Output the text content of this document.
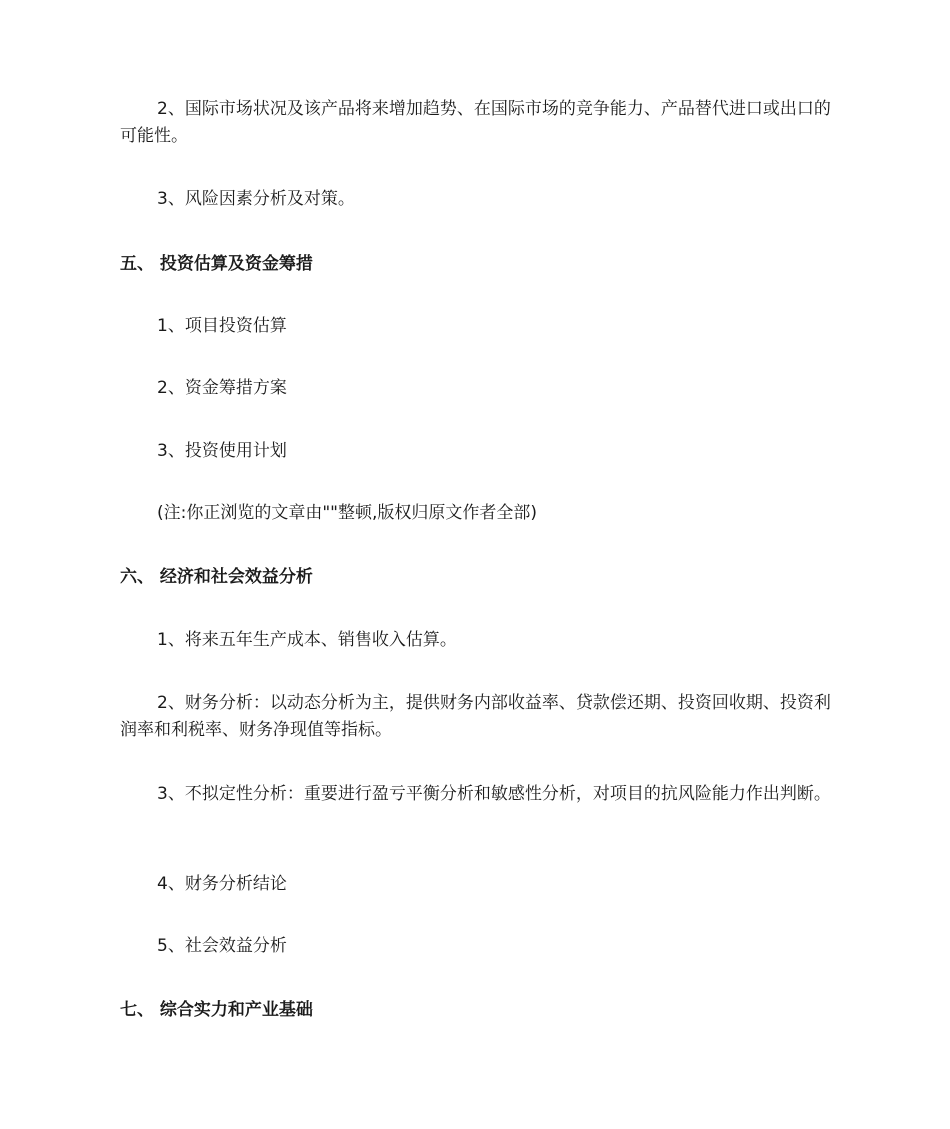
2、国际市场状况及该产品将来增加趋势、在国际市场的竞争能力、产品替代进口或出口的可能性。

3、风险因素分析及对策。

五、 投资估算及资金筹措

1、项目投资估算

2、资金筹措方案

3、投资使用计划

(注:你正浏览的文章由""整顿,版权归原文作者全部)

六、 经济和社会效益分析

1、将来五年生产成本、销售收入估算。

2、财务分析：以动态分析为主，提供财务内部收益率、贷款偿还期、投资回收期、投资利润率和利税率、财务净现值等指标。

3、不拟定性分析：重要进行盈亏平衡分析和敏感性分析，对项目的抗风险能力作出判断。

4、财务分析结论

5、社会效益分析

七、 综合实力和产业基础
